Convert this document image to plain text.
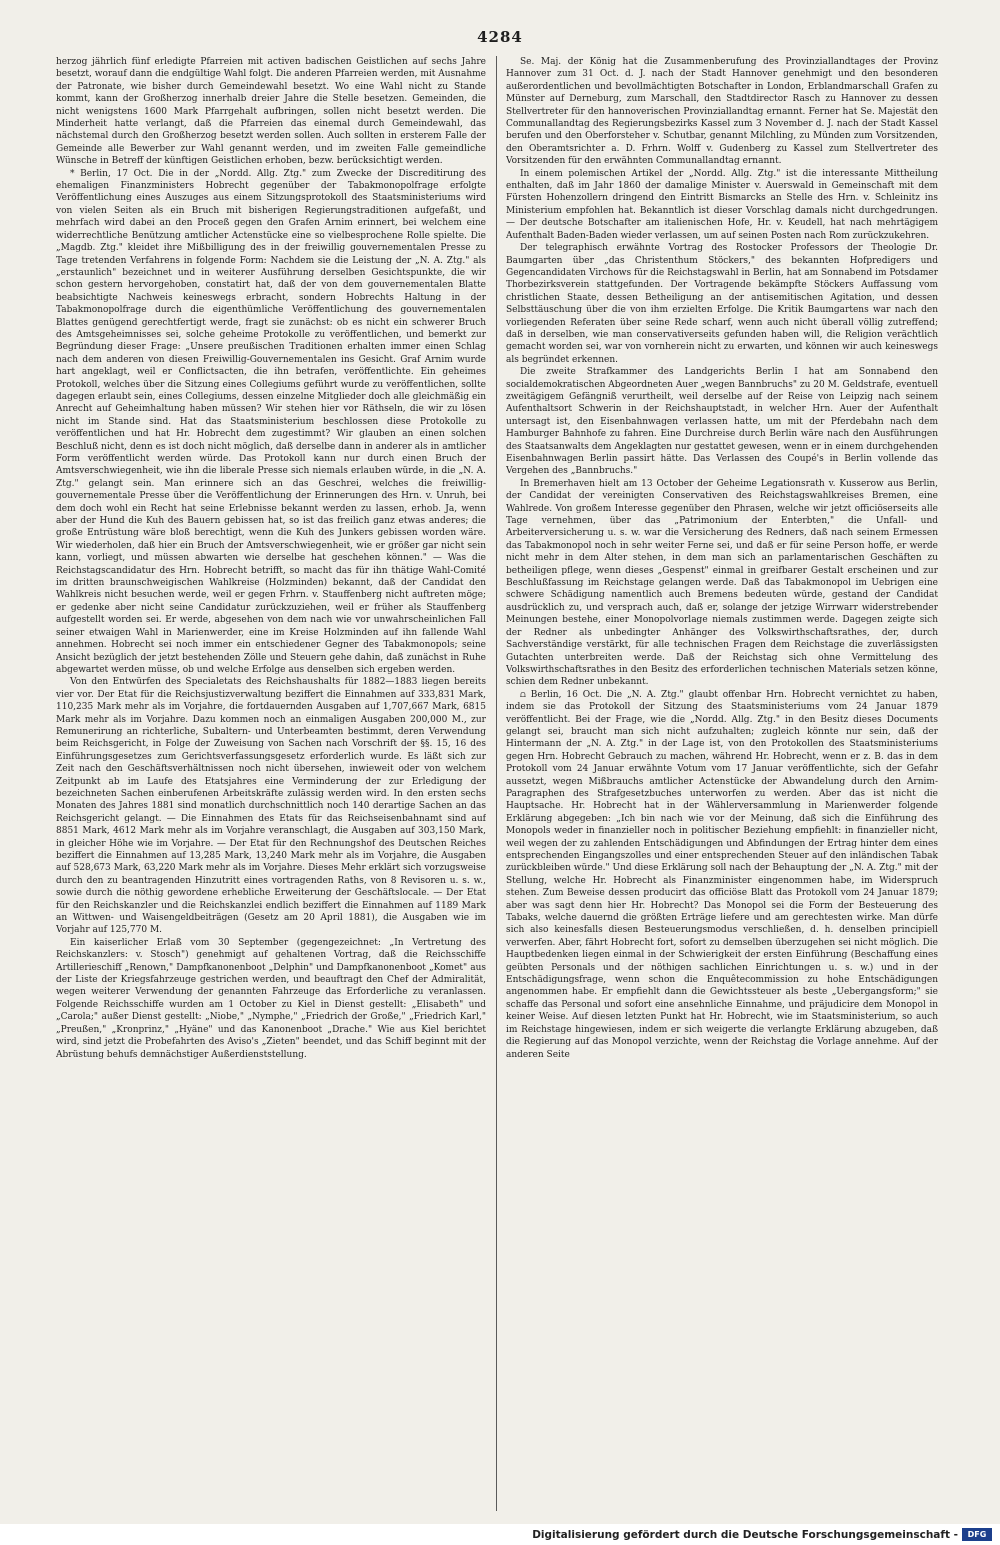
4284

herzog jährlich fünf erledigte Pfarreien mit activen badischen Geistlichen auf sechs Jahre besetzt, worauf dann die endgültige Wahl folgt. Die anderen Pfarreien werden, mit Ausnahme der Patronate, wie bisher durch Gemeindewahl besetzt. Wo eine Wahl nicht zu Stande kommt, kann der Großherzog innerhalb dreier Jahre die Stelle besetzen. Gemeinden, die nicht wenigstens 1600 Mark Pfarrgehalt aufbringen, sollen nicht besetzt werden. Die Minderheit hatte verlangt, daß die Pfarreien das einemal durch Gemeindewahl, das nächstemal durch den Großherzog besetzt werden sollen. Auch sollten in ersterem Falle der Gemeinde alle Bewerber zur Wahl genannt werden, und im zweiten Falle gemeindliche Wünsche in Betreff der künftigen Geistlichen erhoben, bezw. berücksichtigt werden.

* Berlin, 17 Oct. Die in der „Nordd. Allg. Ztg." zum Zwecke der Discreditirung des ehemaligen Finanzministers Hobrecht gegenüber der Tabakmonopolfrage erfolgte Veröffentlichung eines Auszuges aus einem Sitzungsprotokoll des Staatsministeriums wird von vielen Seiten als ein Bruch mit bisherigen Regierungstraditionen aufgefaßt, und mehrfach wird dabei an den Proceß gegen den Grafen Arnim erinnert, bei welchem eine widerrechtliche Benützung amtlicher Actenstücke eine so vielbesprochene Rolle spielte. Die „Magdb. Ztg." kleidet ihre Mißbilligung des in der freiwillig gouvernementalen Presse zu Tage tretenden Verfahrens in folgende Form: Nachdem sie die Leistung der „N. A. Ztg." als „erstaunlich" bezeichnet und in weiterer Ausführung derselben Gesichtspunkte, die wir schon gestern hervorgehoben, constatirt hat, daß der von dem gouvernementalen Blatte beabsichtigte Nachweis keineswegs erbracht, sondern Hobrechts Haltung in der Tabakmonopolfrage durch die eigenthümliche Veröffentlichung des gouvernementalen Blattes genügend gerechtfertigt werde, fragt sie zunächst: ob es nicht ein schwerer Bruch des Amtsgeheimnisses sei, solche geheime Protokolle zu veröffentlichen, und bemerkt zur Begründung dieser Frage: „Unsere preußischen Traditionen erhalten immer einen Schlag nach dem anderen von diesen Freiwillig-Gouvernementalen ins Gesicht. Graf Arnim wurde hart angeklagt, weil er Conflictsacten, die ihn betrafen, veröffentlichte. Ein geheimes Protokoll, welches über die Sitzung eines Collegiums geführt wurde zu veröffentlichen, sollte dagegen erlaubt sein, eines Collegiums, dessen einzelne Mitglieder doch alle gleichmäßig ein Anrecht auf Geheimhaltung haben müssen? Wir stehen hier vor Räthseln, die wir zu lösen nicht im Stande sind. Hat das Staatsministerium beschlossen diese Protokolle zu veröffentlichen und hat Hr. Hobrecht dem zugestimmt? Wir glauben an einen solchen Beschluß nicht, denn es ist doch nicht möglich, daß derselbe dann in anderer als in amtlicher Form veröffentlicht werden würde. Das Protokoll kann nur durch einen Bruch der Amtsverschwiegenheit, wie ihn die liberale Presse sich niemals erlauben würde, in die „N. A. Ztg." gelangt sein. Man erinnere sich an das Geschrei, welches die freiwillig-gouvernementale Presse über die Veröffentlichung der Erinnerungen des Hrn. v. Unruh, bei dem doch wohl ein Recht hat seine Erlebnisse bekannt werden zu lassen, erhob. Ja, wenn aber der Hund die Kuh des Bauern gebissen hat, so ist das freilich ganz etwas anderes; die große Entrüstung wäre bloß berechtigt, wenn die Kuh des Junkers gebissen worden wäre. Wir wiederholen, daß hier ein Bruch der Amtsverschwiegenheit, wie er größer gar nicht sein kann, vorliegt, und müssen abwarten wie derselbe hat geschehen können." — Was die Reichstagscandidatur des Hrn. Hobrecht betrifft, so macht das für ihn thätige Wahl-Comité im dritten braunschweigischen Wahlkreise (Holzminden) bekannt, daß der Candidat den Wahlkreis nicht besuchen werde, weil er gegen Frhrn. v. Stauffenberg nicht auftreten möge; er gedenke aber nicht seine Candidatur zurückzuziehen, weil er früher als Stauffenberg aufgestellt worden sei. Er werde, abgesehen von dem nach wie vor unwahrscheinlichen Fall seiner etwaigen Wahl in Marienwerder, eine im Kreise Holzminden auf ihn fallende Wahl annehmen. Hobrecht sei noch immer ein entschiedener Gegner des Tabakmonopols; seine Ansicht bezüglich der jetzt bestehenden Zölle und Steuern gehe dahin, daß zunächst in Ruhe abgewartet werden müsse, ob und welche Erfolge aus denselben sich ergeben werden.

Von den Entwürfen des Specialetats des Reichshaushalts für 1882—1883 liegen bereits vier vor. Der Etat für die Reichsjustizverwaltung beziffert die Einnahmen auf 333,831 Mark, 110,235 Mark mehr als im Vorjahre, die fortdauernden Ausgaben auf 1,707,667 Mark, 6815 Mark mehr als im Vorjahre. Dazu kommen noch an einmaligen Ausgaben 200,000 M., zur Remunerirung an richterliche, Subaltern- und Unterbeamten bestimmt, deren Verwendung beim Reichsgericht, in Folge der Zuweisung von Sachen nach Vorschrift der §§. 15, 16 des Einführungsgesetzes zum Gerichtsverfassungsgesetz erforderlich wurde. Es läßt sich zur Zeit nach den Geschäftsverhältnissen noch nicht übersehen, inwieweit oder von welchem Zeitpunkt ab im Laufe des Etatsjahres eine Verminderung der zur Erledigung der bezeichneten Sachen einberufenen Arbeitskräfte zulässig werden wird. In den ersten sechs Monaten des Jahres 1881 sind monatlich durchschnittlich noch 140 derartige Sachen an das Reichsgericht gelangt. — Die Einnahmen des Etats für das Reichseisenbahnamt sind auf 8851 Mark, 4612 Mark mehr als im Vorjahre veranschlagt, die Ausgaben auf 303,150 Mark, in gleicher Höhe wie im Vorjahre. — Der Etat für den Rechnungshof des Deutschen Reiches beziffert die Einnahmen auf 13,285 Mark, 13,240 Mark mehr als im Vorjahre, die Ausgaben auf 528,673 Mark, 63,220 Mark mehr als im Vorjahre. Dieses Mehr erklärt sich vorzugsweise durch den zu beantragenden Hinzutritt eines vortragenden Raths, von 8 Revisoren u. s. w., sowie durch die nöthig gewordene erhebliche Erweiterung der Geschäftslocale. — Der Etat für den Reichskanzler und die Reichskanzlei endlich beziffert die Einnahmen auf 1189 Mark an Wittwen- und Waisengeldbeiträgen (Gesetz am 20 April 1881), die Ausgaben wie im Vorjahr auf 125,770 M.

Ein kaiserlicher Erlaß vom 30 September (gegengezeichnet: „In Vertretung des Reichskanzlers: v. Stosch") genehmigt auf gehaltenen Vortrag, daß die Reichsschiffe Artillerieschiff „Renown," Dampfkanonenboot „Delphin" und Dampfkanonenboot „Komet" aus der Liste der Kriegsfahrzeuge gestrichen werden, und beauftragt den Chef der Admiralität, wegen weiterer Verwendung der genannten Fahrzeuge das Erforderliche zu veranlassen. Folgende Reichsschiffe wurden am 1 October zu Kiel in Dienst gestellt: „Elisabeth" und „Carola;" außer Dienst gestellt: „Niobe," „Nymphe," „Friedrich der Große," „Friedrich Karl," „Preußen," „Kronprinz," „Hyäne" und das Kanonenboot „Drache." Wie aus Kiel berichtet wird, sind jetzt die Probefahrten des Aviso's „Zieten" beendet, und das Schiff beginnt mit der Abrüstung behufs demnächstiger Außerdienststellung.

Se. Maj. der König hat die Zusammenberufung des Provinziallandtages der Provinz Hannover zum 31 Oct. d. J. nach der Stadt Hannover genehmigt und den besonderen außerordentlichen und bevollmächtigten Botschafter in London, Erblandmarschall Grafen zu Münster auf Derneburg, zum Marschall, den Stadtdirector Rasch zu Hannover zu dessen Stellvertreter für den hannoverischen Provinziallandtag ernannt. Ferner hat Se. Majestät den Communallandtag des Regierungsbezirks Kassel zum 3 November d. J. nach der Stadt Kassel berufen und den Oberforsteher v. Schutbar, genannt Milchling, zu Münden zum Vorsitzenden, den Oberamtsrichter a. D. Frhrn. Wolff v. Gudenberg zu Kassel zum Stellvertreter des Vorsitzenden für den erwähnten Communallandtag ernannt.

In einem polemischen Artikel der „Nordd. Allg. Ztg." ist die interessante Mittheilung enthalten, daß im Jahr 1860 der damalige Minister v. Auerswald in Gemeinschaft mit dem Fürsten Hohenzollern dringend den Eintritt Bismarcks an Stelle des Hrn. v. Schleinitz ins Ministerium empfohlen hat. Bekanntlich ist dieser Vorschlag damals nicht durchgedrungen. — Der deutsche Botschafter am italienischen Hofe, Hr. v. Keudell, hat nach mehrtägigem Aufenthalt Baden-Baden wieder verlassen, um auf seinen Posten nach Rom zurückzukehren.

Der telegraphisch erwähnte Vortrag des Rostocker Professors der Theologie Dr. Baumgarten über „das Christenthum Stöckers," des bekannten Hofpredigers und Gegencandidaten Virchows für die Reichstagswahl in Berlin, hat am Sonnabend im Potsdamer Thorbezirksverein stattgefunden. Der Vortragende bekämpfte Stöckers Auffassung vom christlichen Staate, dessen Betheiligung an der antisemitischen Agitation, und dessen Selbsttäuschung über die von ihm erzielten Erfolge. Die Kritik Baumgartens war nach den vorliegenden Referaten über seine Rede scharf, wenn auch nicht überall völlig zutreffend; daß in derselben, wie man conservativerseits gefunden haben will, die Religion verächtlich gemacht worden sei, war von vornherein nicht zu erwarten, und können wir auch keineswegs als begründet erkennen.

Die zweite Strafkammer des Landgerichts Berlin I hat am Sonnabend den socialdemokratischen Abgeordneten Auer „wegen Bannbruchs" zu 20 M. Geldstrafe, eventuell zweitägigem Gefängniß verurtheilt, weil derselbe auf der Reise von Leipzig nach seinem Aufenthaltsort Schwerin in der Reichshauptstadt, in welcher Hrn. Auer der Aufenthalt untersagt ist, den Eisenbahnwagen verlassen hatte, um mit der Pferdebahn nach dem Hamburger Bahnhofe zu fahren. Eine Durchreise durch Berlin wäre nach den Ausführungen des Staatsanwalts dem Angeklagten nur gestattet gewesen, wenn er in einem durchgehenden Eisenbahnwagen Berlin passirt hätte. Das Verlassen des Coupé's in Berlin vollende das Vergehen des „Bannbruchs."

In Bremerhaven hielt am 13 October der Geheime Legationsrath v. Kusserow aus Berlin, der Candidat der vereinigten Conservativen des Reichstagswahlkreises Bremen, eine Wahlrede. Von großem Interesse gegenüber den Phrasen, welche wir jetzt officiöserseits alle Tage vernehmen, über das „Patrimonium der Enterbten," die Unfall- und Arbeiterversicherung u. s. w. war die Versicherung des Redners, daß nach seinem Ermessen das Tabakmonopol noch in sehr weiter Ferne sei, und daß er für seine Person hoffe, er werde nicht mehr in dem Alter stehen, in dem man sich an parlamentarischen Geschäften zu betheiligen pflege, wenn dieses „Gespenst" einmal in greifbarer Gestalt erscheinen und zur Beschlußfassung im Reichstage gelangen werde. Daß das Tabakmonopol im Uebrigen eine schwere Schädigung namentlich auch Bremens bedeuten würde, gestand der Candidat ausdrücklich zu, und versprach auch, daß er, solange der jetzige Wirrwarr widerstrebender Meinungen bestehe, einer Monopolvorlage niemals zustimmen werde. Dagegen zeigte sich der Redner als unbedingter Anhänger des Volkswirthschaftsrathes, der, durch Sachverständige verstärkt, für alle technischen Fragen dem Reichstage die zuverlässigsten Gutachten unterbreiten werde. Daß der Reichstag sich ohne Vermittelung des Volkswirthschaftsrathes in den Besitz des erforderlichen technischen Materials setzen könne, schien dem Redner unbekannt.

⩍ Berlin, 16 Oct. Die „N. A. Ztg." glaubt offenbar Hrn. Hobrecht vernichtet zu haben, indem sie das Protokoll der Sitzung des Staatsministeriums vom 24 Januar 1879 veröffentlicht. Bei der Frage, wie die „Nordd. Allg. Ztg." in den Besitz dieses Documents gelangt sei, braucht man sich nicht aufzuhalten; zugleich könnte nur sein, daß der Hintermann der „N. A. Ztg." in der Lage ist, von den Protokollen des Staatsministeriums gegen Hrn. Hobrecht Gebrauch zu machen, während Hr. Hobrecht, wenn er z. B. das in dem Protokoll vom 24 Januar erwähnte Votum vom 17 Januar veröffentlichte, sich der Gefahr aussetzt, wegen Mißbrauchs amtlicher Actenstücke der Abwandelung durch den Arnim-Paragraphen des Strafgesetzbuches unterworfen zu werden. Aber das ist nicht die Hauptsache. Hr. Hobrecht hat in der Wählerversammlung in Marienwerder folgende Erklärung abgegeben: „Ich bin nach wie vor der Meinung, daß sich die Einführung des Monopols weder in finanzieller noch in politischer Beziehung empfiehlt: in finanzieller nicht, weil wegen der zu zahlenden Entschädigungen und Abfindungen der Ertrag hinter dem eines entsprechenden Eingangszolles und einer entsprechenden Steuer auf den inländischen Tabak zurückbleiben würde." Und diese Erklärung soll nach der Behauptung der „N. A. Ztg." mit der Stellung, welche Hr. Hobrecht als Finanzminister eingenommen habe, im Widerspruch stehen. Zum Beweise dessen producirt das officiöse Blatt das Protokoll vom 24 Januar 1879; aber was sagt denn hier Hr. Hobrecht? Das Monopol sei die Form der Besteuerung des Tabaks, welche dauernd die größten Erträge liefere und am gerechtesten wirke. Man dürfe sich also keinesfalls diesen Besteuerungsmodus verschließen, d. h. denselben principiell verwerfen. Aber, fährt Hobrecht fort, sofort zu demselben überzugehen sei nicht möglich. Die Hauptbedenken liegen einmal in der Schwierigkeit der ersten Einführung (Beschaffung eines geübten Personals und der nöthigen sachlichen Einrichtungen u. s. w.) und in der Entschädigungsfrage, wenn schon die Enquêtecommission zu hohe Entschädigungen angenommen habe. Er empfiehlt dann die Gewichtssteuer als beste „Uebergangsform;" sie schaffe das Personal und sofort eine ansehnliche Einnahme, und präjudicire dem Monopol in keiner Weise. Auf diesen letzten Punkt hat Hr. Hobrecht, wie im Staatsministerium, so auch im Reichstage hingewiesen, indem er sich weigerte die verlangte Erklärung abzugeben, daß die Regierung auf das Monopol verzichte, wenn der Reichstag die Vorlage annehme. Auf der anderen Seite

Digitalisierung gefördert durch die Deutsche Forschungsgemeinschaft -	DFG
